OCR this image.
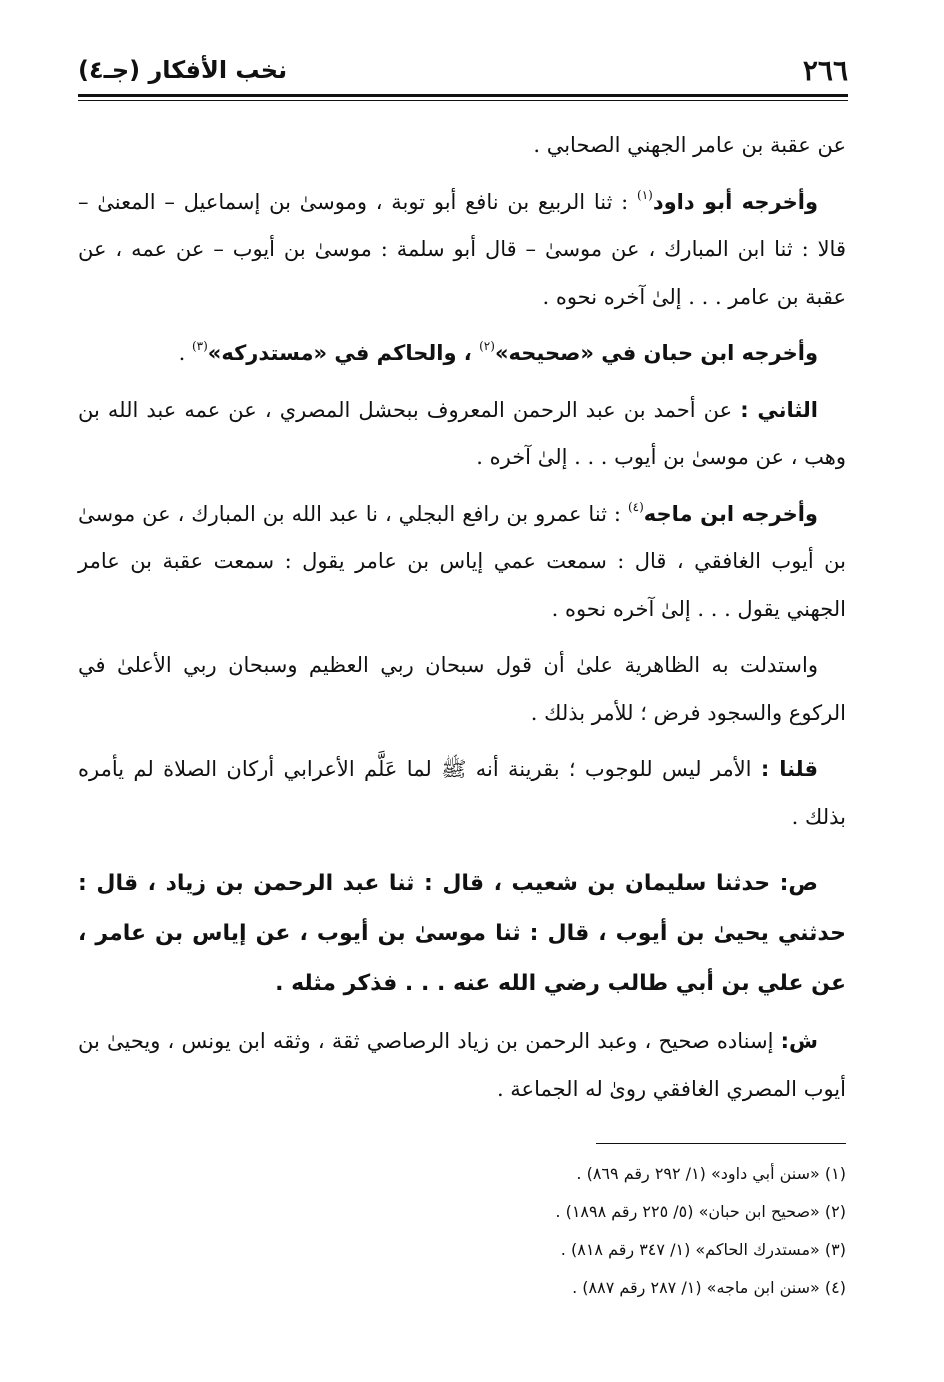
٢٦٦
نخب الأفكار (جـ٤)

عن عقبة بن عامر الجهني الصحابي .

وأخرجه أبو داود$^{(١)}$ : ثنا الربيع بن نافع أبو توبة ، وموسىٰ بن إسماعيل – المعنىٰ – قالا : ثنا ابن المبارك ، عن موسىٰ – قال أبو سلمة : موسىٰ بن أيوب – عن عمه ، عن عقبة بن عامر . . . إلىٰ آخره نحوه .

وأخرجه ابن حبان في «صحيحه»$^{(٢)}$ ، والحاكم في «مستدركه»$^{(٣)}$ .

الثاني : عن أحمد بن عبد الرحمن المعروف ببحشل المصري ، عن عمه عبد الله بن وهب ، عن موسىٰ بن أيوب . . . إلىٰ آخره .

وأخرجه ابن ماجه$^{(٤)}$ : ثنا عمرو بن رافع البجلي ، نا عبد الله بن المبارك ، عن موسىٰ بن أيوب الغافقي ، قال : سمعت عمي إياس بن عامر يقول : سمعت عقبة بن عامر الجهني يقول . . . إلىٰ آخره نحوه .

واستدلت به الظاهرية علىٰ أن قول سبحان ربي العظيم وسبحان ربي الأعلىٰ في الركوع والسجود فرض ؛ للأمر بذلك .

قلنا : الأمر ليس للوجوب ؛ بقرينة أنه ﷺ لما عَلَّم الأعرابي أركان الصلاة لم يأمره بذلك .

ص: حدثنا سليمان بن شعيب ، قال : ثنا عبد الرحمن بن زياد ، قال : حدثني يحيىٰ بن أيوب ، قال : ثنا موسىٰ بن أيوب ، عن إياس بن عامر ، عن علي بن أبي طالب رضي الله عنه . . . فذكر مثله .

ش: إسناده صحيح ، وعبد الرحمن بن زياد الرصاصي ثقة ، وثقه ابن يونس ، ويحيىٰ بن أيوب المصري الغافقي روىٰ له الجماعة .

(١) «سنن أبي داود» (١/ ٢٩٢ رقم ٨٦٩) .
(٢) «صحيح ابن حبان» (٥/ ٢٢٥ رقم ١٨٩٨) .
(٣) «مستدرك الحاكم» (١/ ٣٤٧ رقم ٨١٨) .
(٤) «سنن ابن ماجه» (١/ ٢٨٧ رقم ٨٨٧) .
